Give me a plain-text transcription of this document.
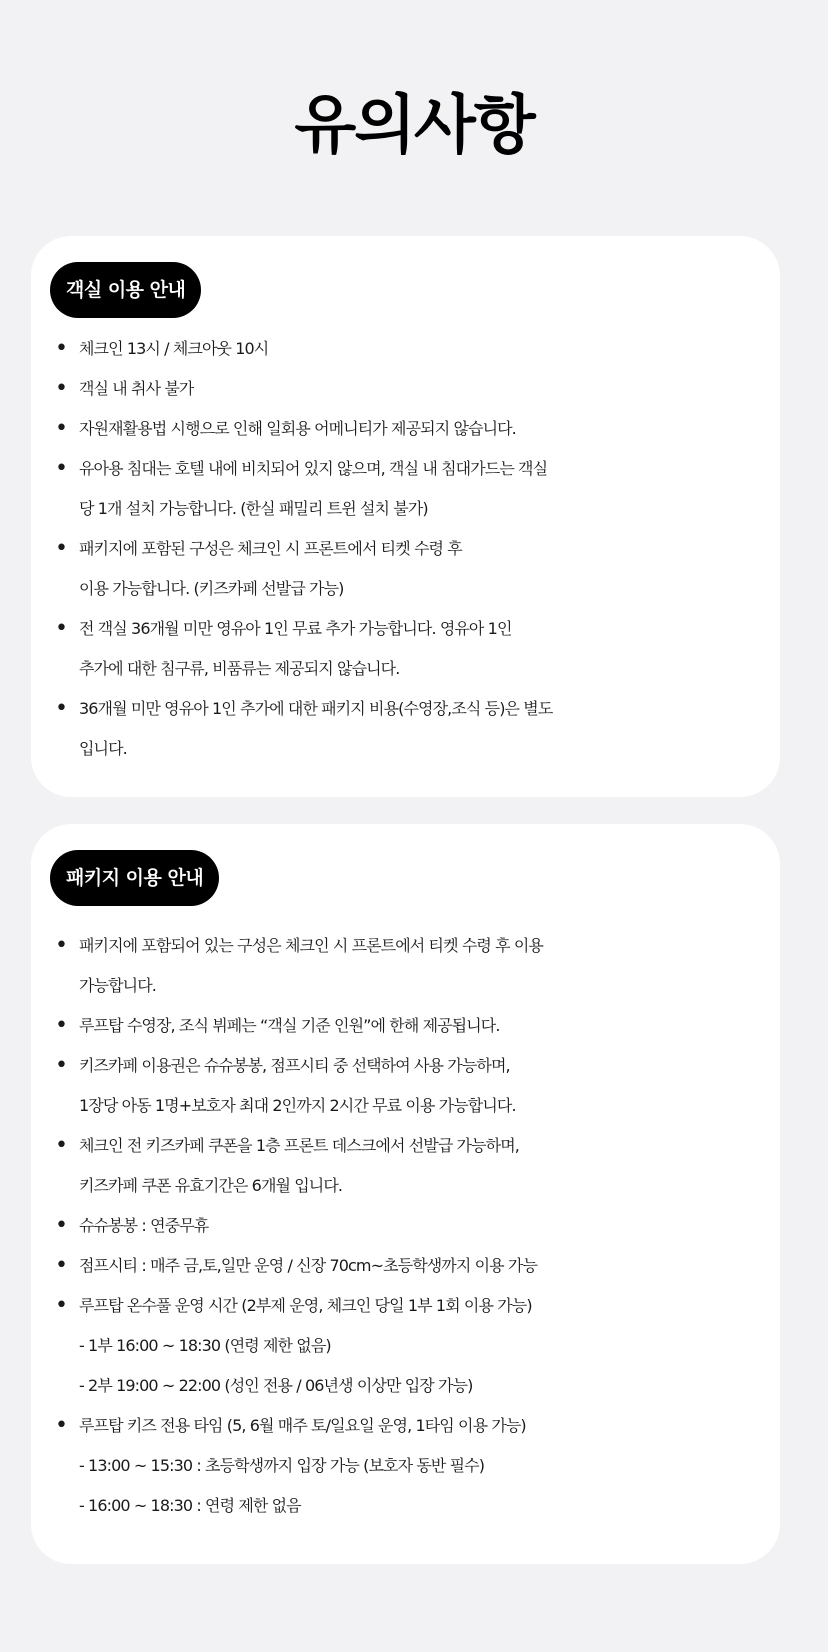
유의사항
객실 이용 안내
• 체크인 13시 / 체크아웃 10시
• 객실 내 취사 불가
• 자원재활용법 시행으로 인해 일회용 어메니티가 제공되지 않습니다.
• 유아용 침대는 호텔 내에 비치되어 있지 않으며, 객실 내 침대가드는 객실
당 1개 설치 가능합니다. (한실 패밀리 트윈 설치 불가)
• 패키지에 포함된 구성은 체크인 시 프론트에서 티켓 수령 후
이용 가능합니다. (키즈카페 선발급 가능)
• 전 객실 36개월 미만 영유아 1인 무료 추가 가능합니다. 영유아 1인
추가에 대한 침구류, 비품류는 제공되지 않습니다.
• 36개월 미만 영유아 1인 추가에 대한 패키지 비용(수영장,조식 등)은 별도
입니다.
패키지 이용 안내
• 패키지에 포함되어 있는 구성은 체크인 시 프론트에서 티켓 수령 후 이용
가능합니다.
• 루프탑 수영장, 조식 뷔페는 “객실 기준 인원”에 한해 제공됩니다.
• 키즈카페 이용권은 슈슈봉봉, 점프시티 중 선택하여 사용 가능하며,
1장당 아동 1명+보호자 최대 2인까지 2시간 무료 이용 가능합니다.
• 체크인 전 키즈카페 쿠폰을 1층 프론트 데스크에서 선발급 가능하며,
키즈카페 쿠폰 유효기간은 6개월 입니다.
• 슈슈봉봉 : 연중무휴
• 점프시티 : 매주 금,토,일만 운영 / 신장 70cm~초등학생까지 이용 가능
• 루프탑 온수풀 운영 시간 (2부제 운영, 체크인 당일 1부 1회 이용 가능)
- 1부 16:00 ~ 18:30 (연령 제한 없음)
- 2부 19:00 ~ 22:00 (성인 전용 / 06년생 이상만 입장 가능)
• 루프탑 키즈 전용 타임 (5, 6월 매주 토/일요일 운영, 1타임 이용 가능)
- 13:00 ~ 15:30 : 초등학생까지 입장 가능 (보호자 동반 필수)
- 16:00 ~ 18:30 : 연령 제한 없음
